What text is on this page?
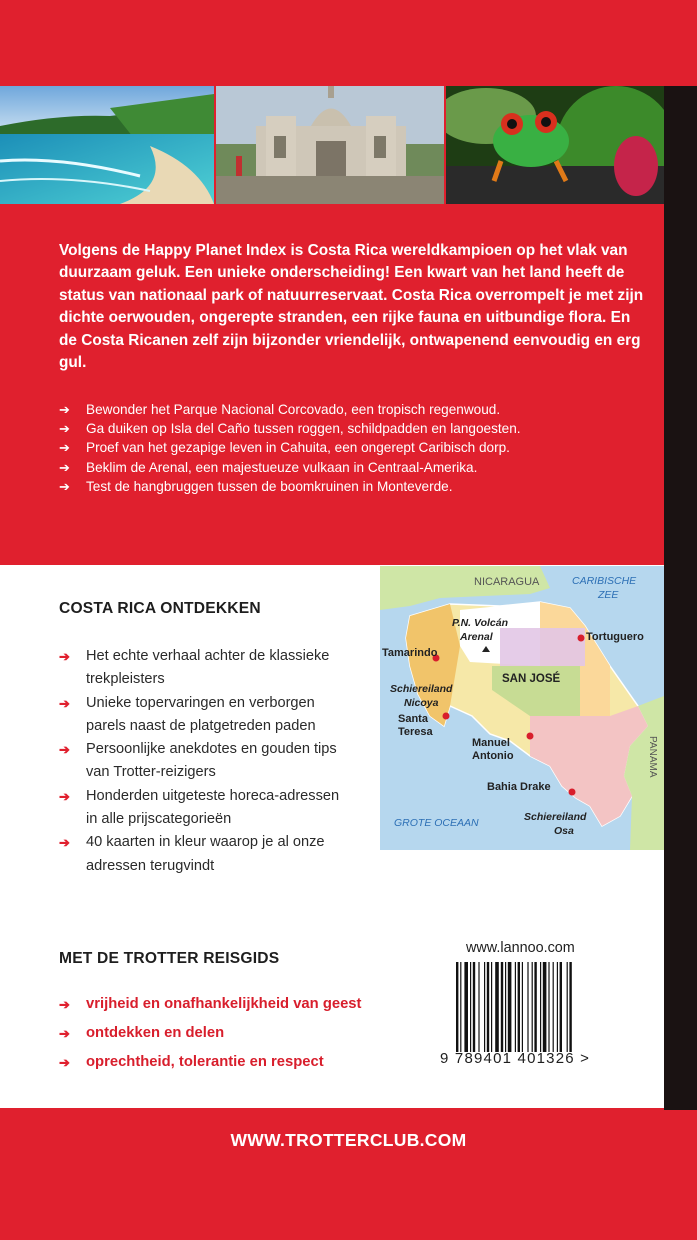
Volgens de Happy Planet Index is Costa Rica wereldkampioen op het vlak van duurzaam geluk. Een unieke onderscheiding! Een kwart van het land heeft de status van nationaal park of natuurreservaat. Costa Rica overrompelt je met zijn dichte oerwouden, ongerepte stranden, een rijke fauna en uitbundige flora. En de Costa Ricanen zelf zijn bijzonder vriendelijk, ontwapenend eenvoudig en erg gul.

➔ Bewonder het Parque Nacional Corcovado, een tropisch regenwoud.
➔ Ga duiken op Isla del Caño tussen roggen, schildpadden en langoesten.
➔ Proef van het gezapige leven in Cahuita, een ongerept Caribisch dorp.
➔ Beklim de Arenal, een majestueuze vulkaan in Centraal-Amerika.
➔ Test de hangbruggen tussen de boomkruinen in Monteverde.
COSTA RICA ONTDEKKEN
➔ Het echte verhaal achter de klassieke trekpleisters
➔ Unieke topervaringen en verborgen parels naast de platgetreden paden
➔ Persoonlijke anekdotes en gouden tips van Trotter-reizigers
➔ Honderden uitgeteste horeca-adressen in alle prijscategorieën
➔ 40 kaarten in kleur waarop je al onze adressen terugvindt
NICARAGUA	CARIBISCHE
ZEE
P.N. Volcán
Arenal	Tortuguero
Tamarindo
Schiereiland
Nicoya
SAN JOSÉ
Santa
Teresa
Manuel
Antonio	PANAMA
Bahia Drake
Schiereiland
Osa
GROTE OCEAAN
MET DE TROTTER REISGIDS
➔ vrijheid en onafhankelijkheid van geest
➔ ontdekken en delen
➔ oprechtheid, tolerantie en respect
www.lannoo.com
9 789401 401326 >
WWW.TROTTERCLUB.COM
